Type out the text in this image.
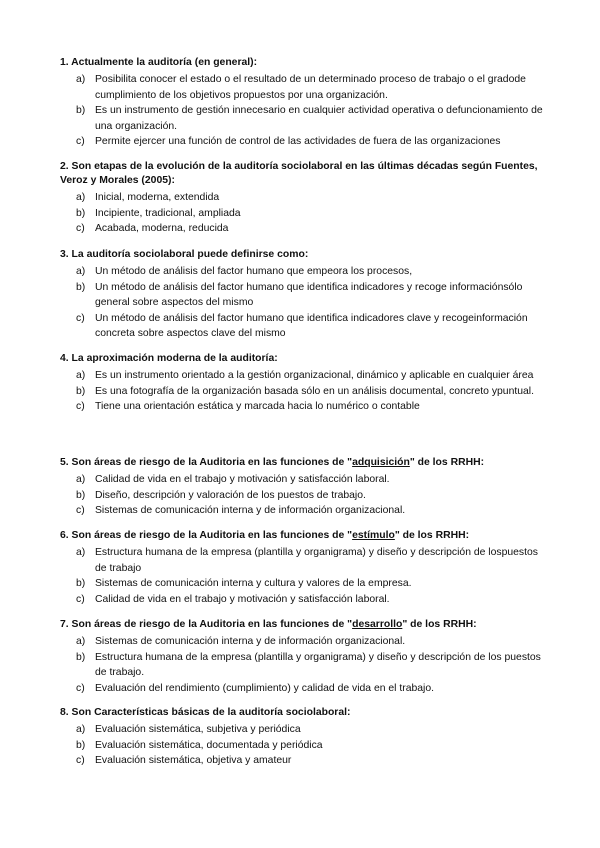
1. Actualmente la auditoría (en general):

a) Posibilita conocer el estado o el resultado de un determinado proceso de trabajo o el gradode cumplimiento de los objetivos propuestos por una organización.
b) Es un instrumento de gestión innecesario en cualquier actividad operativa o defuncionamiento de una organización.
c) Permite ejercer una función de control de las actividades de fuera de las organizaciones

2. Son etapas de la evolución de la auditoría sociolaboral en las últimas décadas según Fuentes, Veroz y Morales (2005):

a) Inicial, moderna, extendida
b) Incipiente, tradicional, ampliada
c) Acabada, moderna, reducida

3. La auditoría sociolaboral puede definirse como:

a) Un método de análisis del factor humano que empeora los procesos,
b) Un método de análisis del factor humano que identifica indicadores y recoge informaciónsólo general sobre aspectos del mismo
c) Un método de análisis del factor humano que identifica indicadores clave y recogeinformación concreta sobre aspectos clave del mismo

4. La aproximación moderna de la auditoría:

a) Es un instrumento orientado a la gestión organizacional, dinámico y aplicable en cualquier área
b) Es una fotografía de la organización basada sólo en un análisis documental, concreto ypuntual.
c) Tiene una orientación estática y marcada hacia lo numérico o contable

5. Son áreas de riesgo de la Auditoria en las funciones de "adquisición" de los RRHH:

a) Calidad de vida en el trabajo y motivación y satisfacción laboral.
b) Diseño, descripción y valoración de los puestos de trabajo.
c) Sistemas de comunicación interna y de información organizacional.

6. Son áreas de riesgo de la Auditoria en las funciones de "estímulo" de los RRHH:

a) Estructura humana de la empresa (plantilla y organigrama) y diseño y descripción de lospuestos de trabajo
b) Sistemas de comunicación interna y cultura y valores de la empresa.
c) Calidad de vida en el trabajo y motivación y satisfacción laboral.

7. Son áreas de riesgo de la Auditoria en las funciones de "desarrollo" de los RRHH:

a) Sistemas de comunicación interna y de información organizacional.
b) Estructura humana de la empresa (plantilla y organigrama) y diseño y descripción de los puestos de trabajo.
c) Evaluación del rendimiento (cumplimiento) y calidad de vida en el trabajo.

8. Son Características básicas de la auditoría sociolaboral:

a) Evaluación sistemática, subjetiva y periódica
b) Evaluación sistemática, documentada y periódica
c) Evaluación sistemática, objetiva y amateur
